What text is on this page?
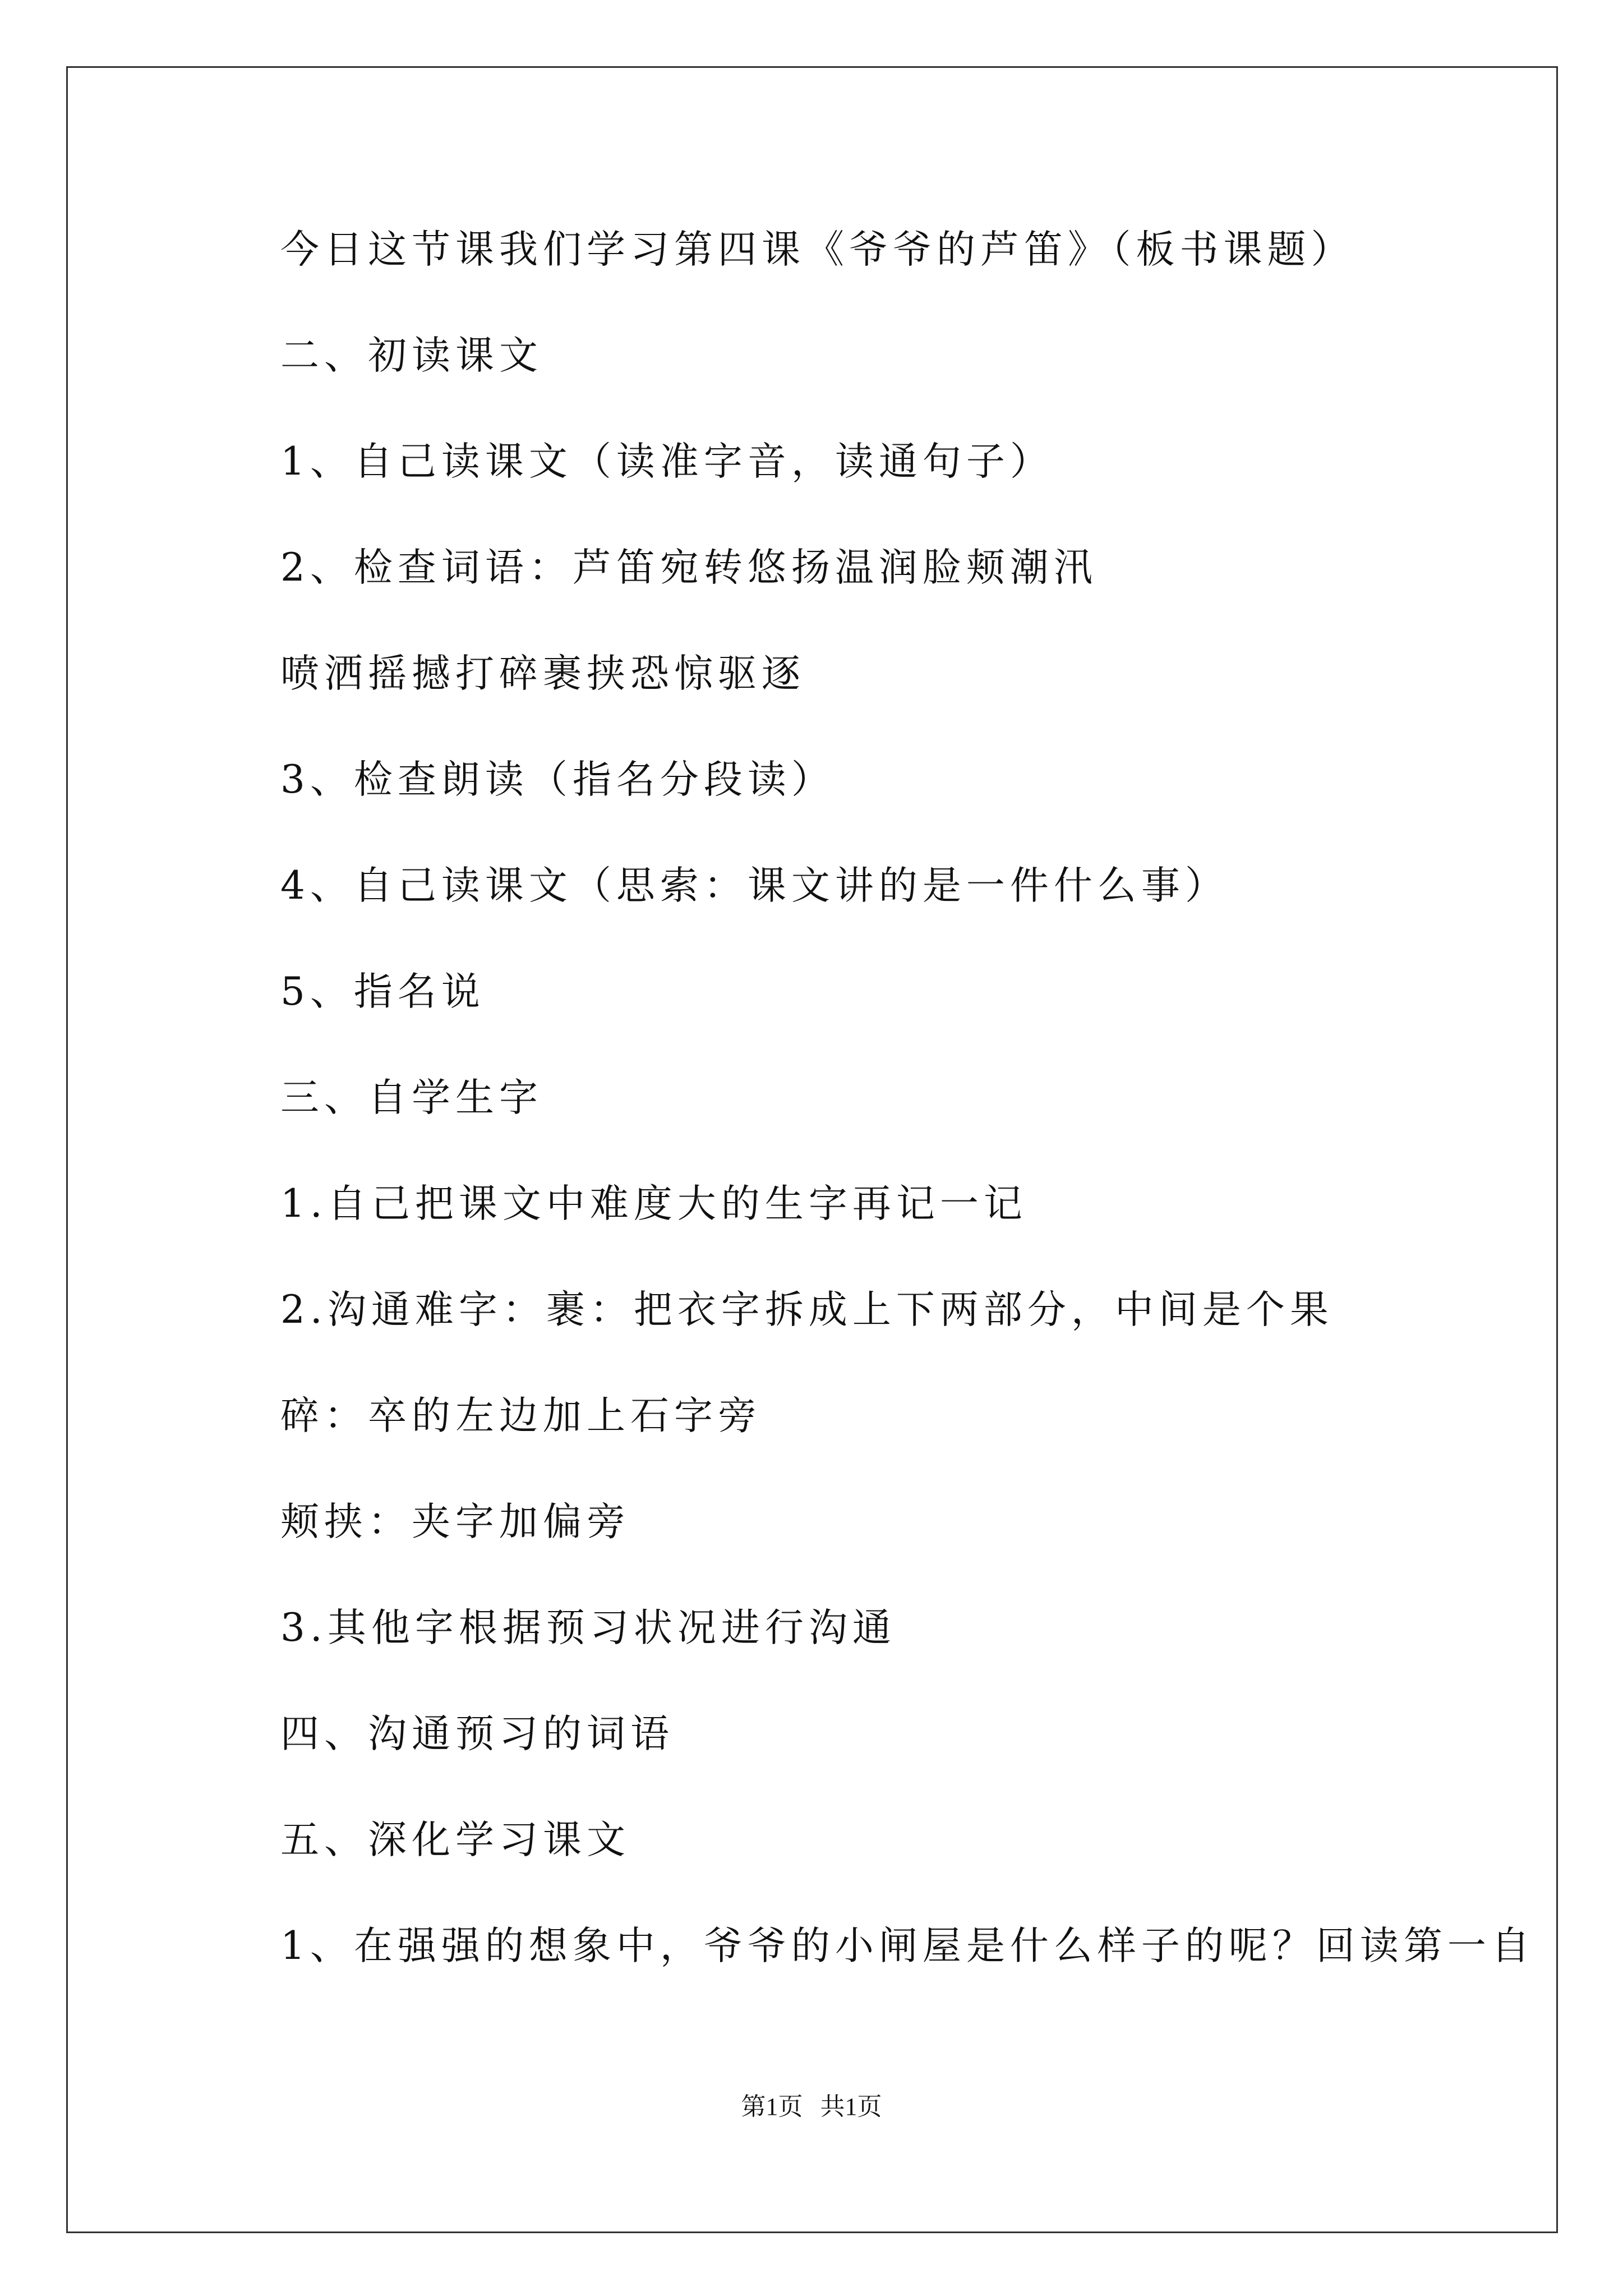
今日这节课我们学习第四课《爷爷的芦笛》（板书课题）
二、初读课文
1、自己读课文（读准字音，读通句子）
2、检查词语：芦笛宛转悠扬温润脸颊潮汛
喷洒摇撼打碎裹挟恐惊驱逐
3、检查朗读（指名分段读）
4、自己读课文（思索：课文讲的是一件什么事）
5、指名说
三、自学生字
1.自己把课文中难度大的生字再记一记
2.沟通难字：裹：把衣字拆成上下两部分，中间是个果
碎：卒的左边加上石字旁
颊挟：夹字加偏旁
3.其他字根据预习状况进行沟通
四、沟通预习的词语
五、深化学习课文
1、在强强的想象中，爷爷的小闸屋是什么样子的呢？回读第一自
第1页 共1页
